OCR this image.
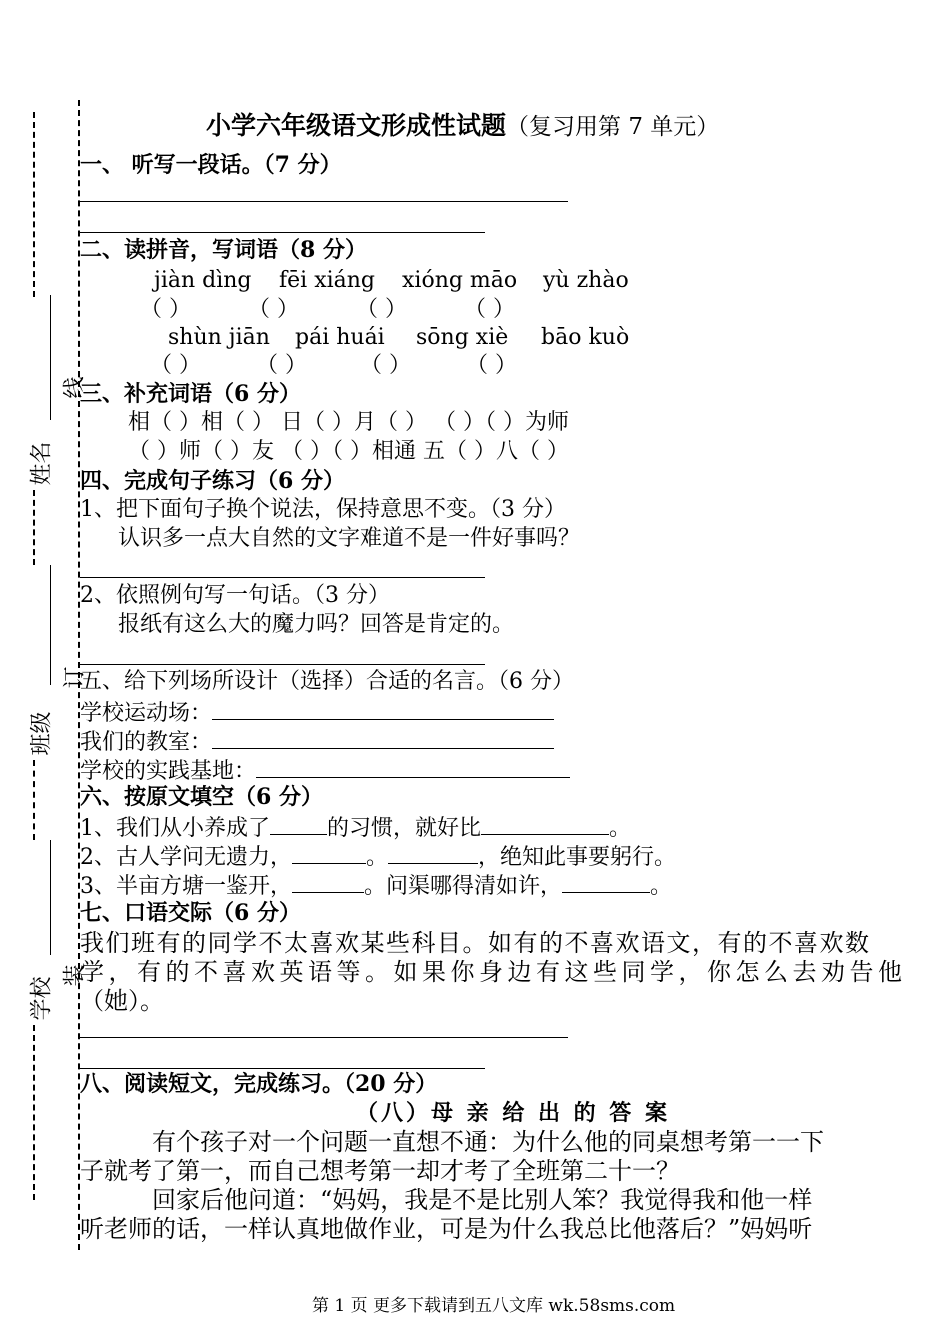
姓名
班级
学校
线
订
装
小学六年级语文形成性试题（复习用第 7 单元）
一、 听写一段话。（7 分）
二、读拼音，写词语（8 分）
jiàn dìng fēi xiáng xióng māo yù zhào
（ ）	（ ）	（ ）	（ ）
shùn jiān pái huái sōng xiè bāo kuò
（ ）	（ ） （ ）	（ ）
三、补充词语（6 分）
相（ ）相（ ） 日（ ）月（ ） （ ）（ ）为师
（ ）师（ ）友 （ ）（ ）相通 五（ ）八（ ）
四、完成句子练习（6 分）
1、把下面句子换个说法，保持意思不变。（3 分）
认识多一点大自然的文字难道不是一件好事吗？
2、依照例句写一句话。（3 分）
报纸有这么大的魔力吗？回答是肯定的。
五、给下列场所设计（选择）合适的名言。（6 分）
学校运动场：
我们的教室：
学校的实践基地：
六、按原文填空（6 分）
1、我们从小养成了	的习惯，就好比	。
2、古人学问无遗力，	。	，绝知此事要躬行。
3、半亩方塘一鉴开，	。问渠哪得清如许，	。
七、口语交际（6 分）
我们班有的同学不太喜欢某些科目。如有的不喜欢语文，有的不喜欢数
学，有的不喜欢英语等。如果你身边有这些同学，你怎么去劝告他
（她）。
八、阅读短文，完成练习。（20 分）
（八）母 亲 给 出 的 答 案
有个孩子对一个问题一直想不通：为什么他的同桌想考第一一下
子就考了第一，而自己想考第一却才考了全班第二十一？
回家后他问道：“妈妈，我是不是比别人笨？我觉得我和他一样
听老师的话，一样认真地做作业，可是为什么我总比他落后？”妈妈听
第 1 页 更多下载请到五八文库 wk.58sms.com
